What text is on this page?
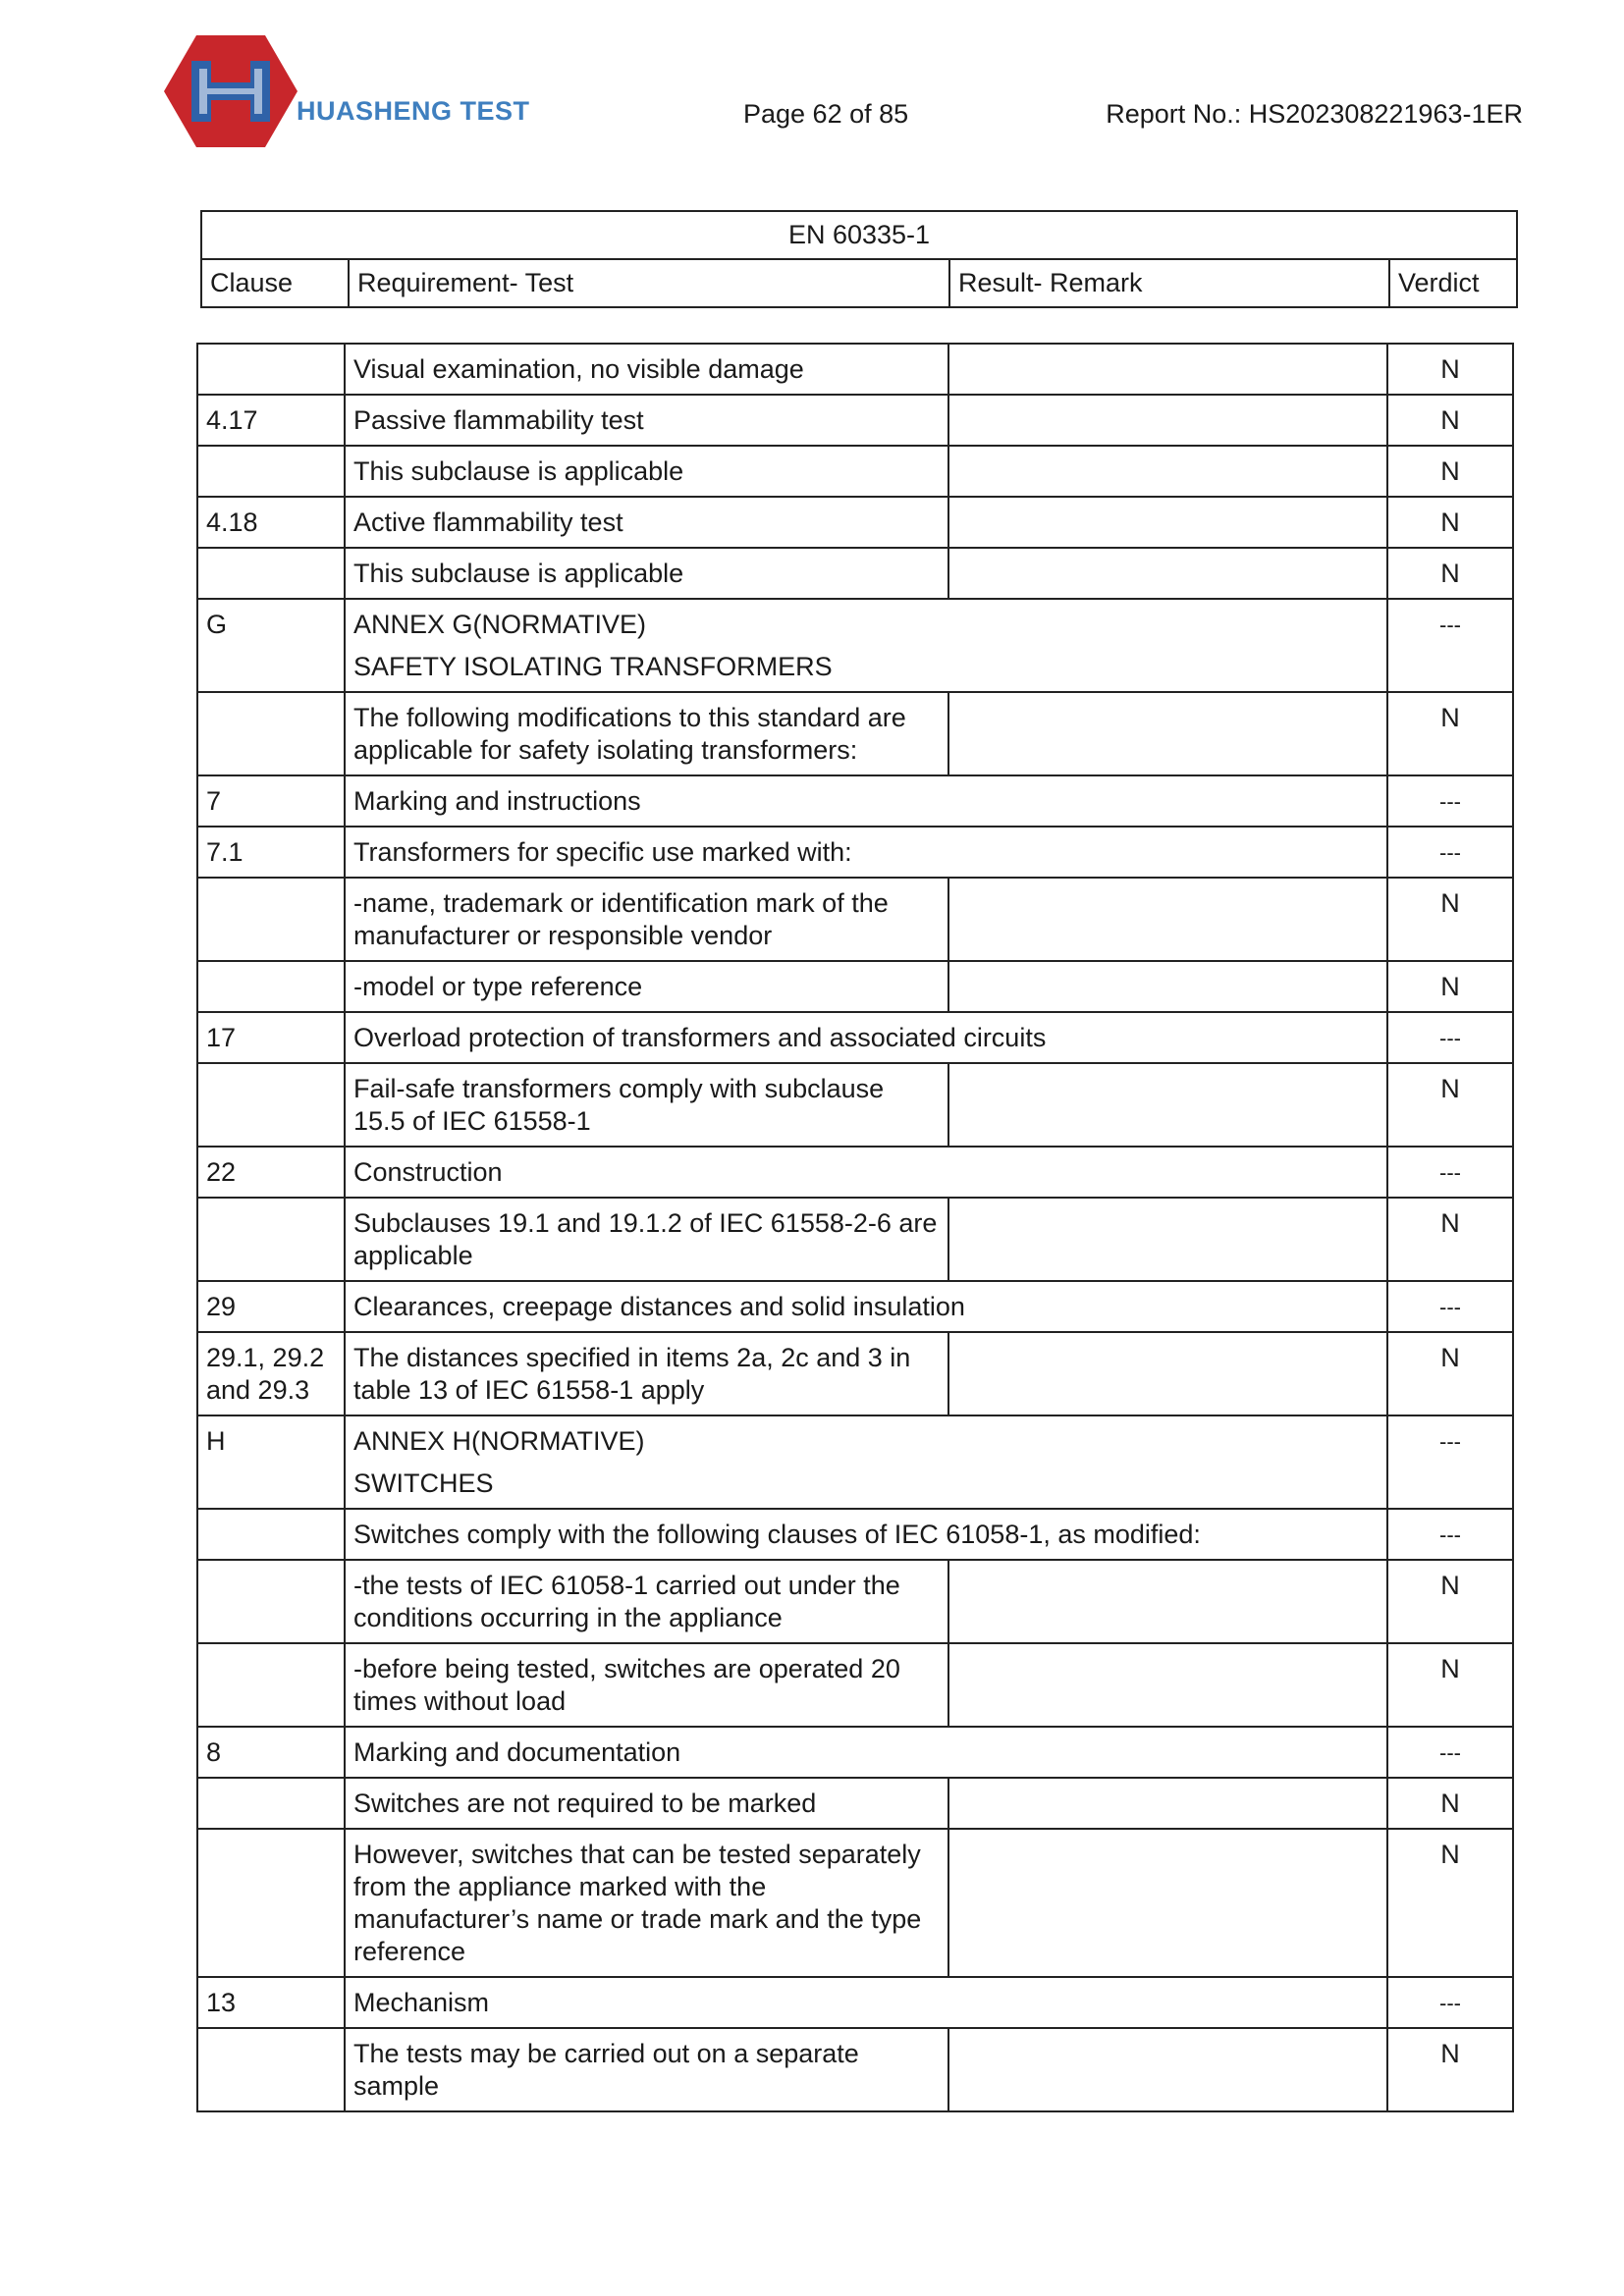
HUASHENG TEST	Page 62 of 85	Report No.: HS202308221963-1ER
EN 60335-1
Clause	Requirement- Test	Result- Remark	Verdict
	Visual examination, no visible damage		N
4.17	Passive flammability test		N
	This subclause is applicable		N
4.18	Active flammability test		N
	This subclause is applicable		N
G	ANNEX G(NORMATIVE)
SAFETY ISOLATING TRANSFORMERS		---
	The following modifications to this standard are applicable for safety isolating transformers:		N
7	Marking and instructions		---
7.1	Transformers for specific use marked with:		---
	-name, trademark or identification mark of the manufacturer or responsible vendor		N
	-model or type reference		N
17	Overload protection of transformers and associated circuits		---
	Fail-safe transformers comply with subclause 15.5 of IEC 61558-1		N
22	Construction		---
	Subclauses 19.1 and 19.1.2 of IEC 61558-2-6 are applicable		N
29	Clearances, creepage distances and solid insulation		---
29.1, 29.2 and 29.3	The distances specified in items 2a, 2c and 3 in table 13 of IEC 61558-1 apply		N
H	ANNEX H(NORMATIVE)
SWITCHES		---
	Switches comply with the following clauses of IEC 61058-1, as modified:		---
	-the tests of IEC 61058-1 carried out under the conditions occurring in the appliance		N
	-before being tested, switches are operated 20 times without load		N
8	Marking and documentation		---
	Switches are not required to be marked		N
	However, switches that can be tested separately from the appliance marked with the manufacturer’s name or trade mark and the type reference		N
13	Mechanism		---
	The tests may be carried out on a separate sample		N
